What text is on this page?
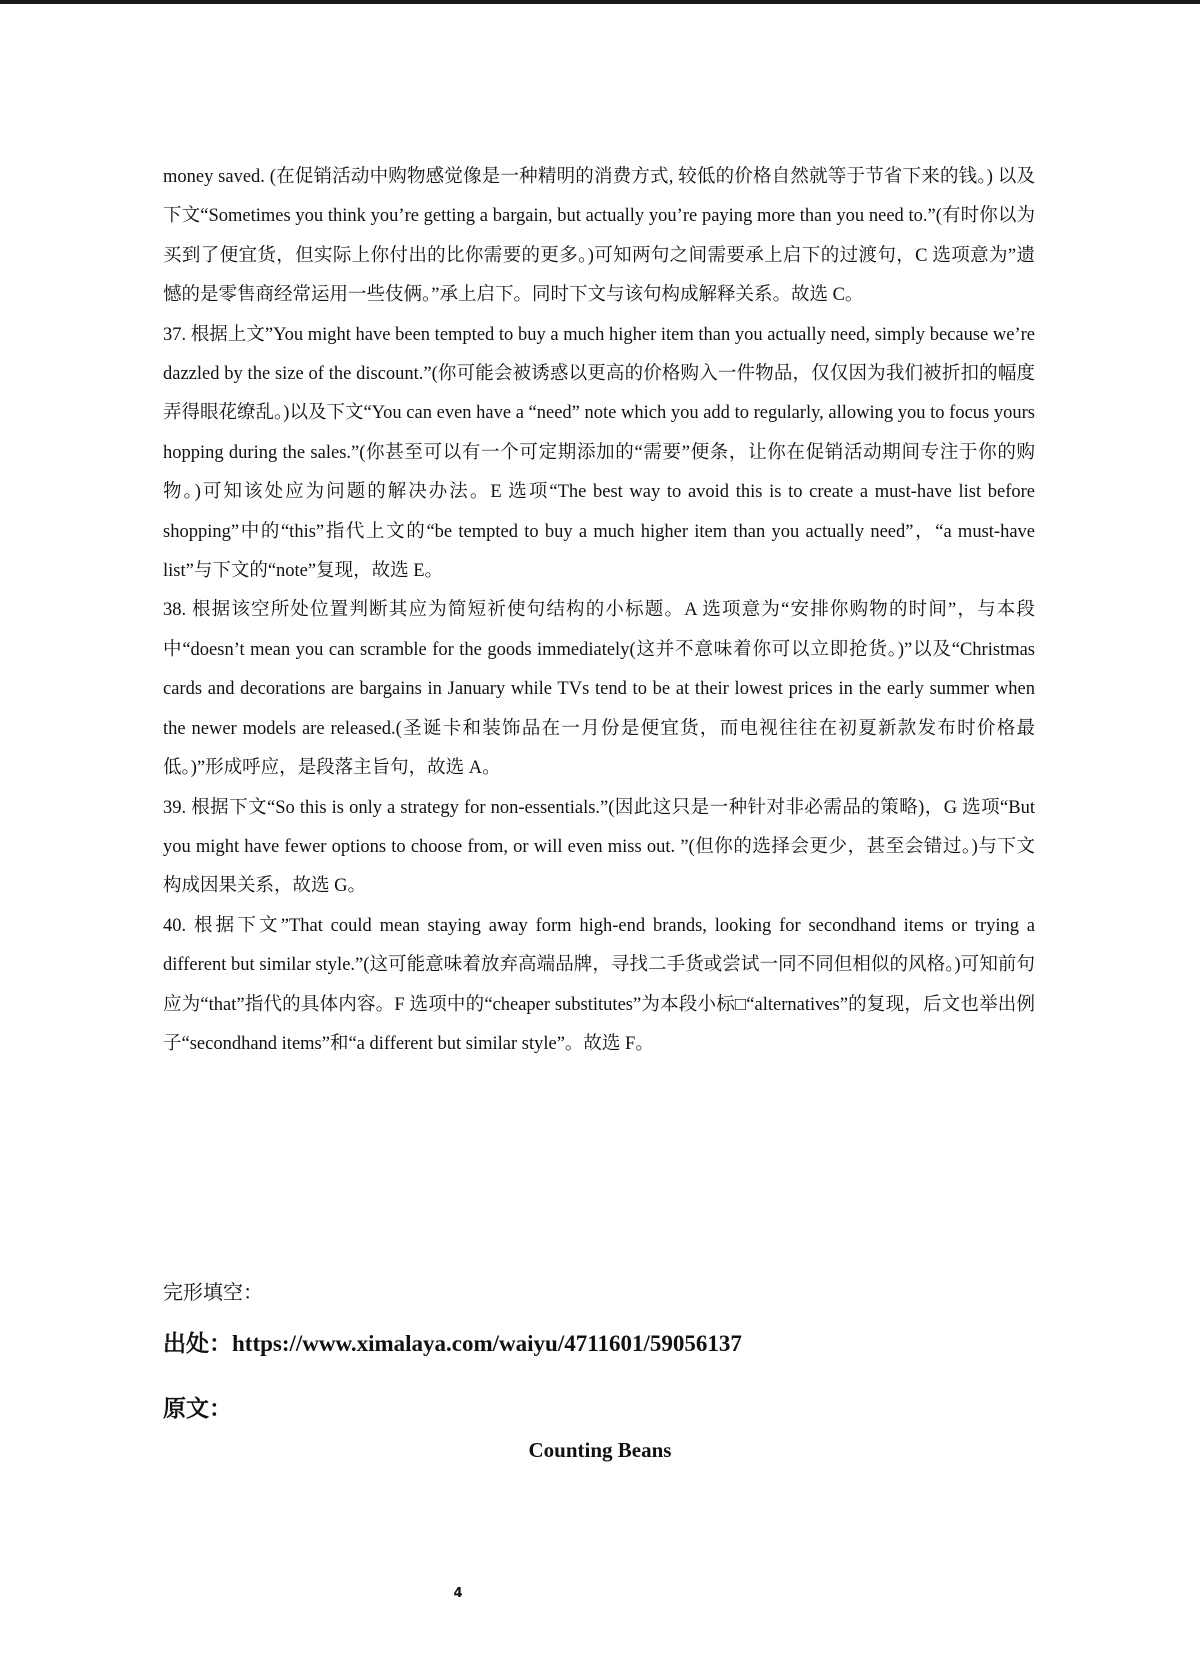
money saved. (在促销活动中购物感觉像是一种精明的消费方式, 较低的价格自然就等于节省下来的钱。) 以及下文“Sometimes you think you’re getting a bargain, but actually you’re paying more than you need to.”(有时你以为买到了便宜货，但实际上你付出的比你需要的更多。)可知两句之间需要承上启下的过渡句，C 选项意为”遗憾的是零售商经常运用一些伎俩。”承上启下。同时下文与该句构成解释关系。故选 C。

37. 根据上文”You might have been tempted to buy a much higher item than you actually need, simply because we’re dazzled by the size of the discount.”(你可能会被诱惑以更高的价格购入一件物品，仅仅因为我们被折扣的幅度弄得眼花缭乱。)以及下文“You can even have a “need” note which you add to regularly, allowing you to focus yours hopping during the sales.”(你甚至可以有一个可定期添加的“需要”便条，让你在促销活动期间专注于你的购物。)可知该处应为问题的解决办法。E 选项“The best way to avoid this is to create a must-have list before shopping”中的“this”指代上文的“be tempted to buy a much higher item than you actually need”，“a must-have list”与下文的“note”复现，故选 E。

38. 根据该空所处位置判断其应为简短祈使句结构的小标题。A 选项意为“安排你购物的时间”，与本段中“doesn’t mean you can scramble for the goods immediately(这并不意味着你可以立即抢货。)”以及“Christmas cards and decorations are bargains in January while TVs tend to be at their lowest prices in the early summer when the newer models are released.(圣诞卡和装饰品在一月份是便宜货，而电视往往在初夏新款发布时价格最低。)”形成呼应，是段落主旨句，故选 A。

39. 根据下文“So this is only a strategy for non-essentials.”(因此这只是一种针对非必需品的策略)，G 选项“But you might have fewer options to choose from, or will even miss out. ”(但你的选择会更少，甚至会错过。)与下文构成因果关系，故选 G。

40. 根据下文”That could mean staying away form high-end brands, looking for secondhand items or trying a different but similar style.”(这可能意味着放弃高端品牌，寻找二手货或尝试一同不同但相似的风格。)可知前句应为“that”指代的具体内容。F 选项中的“cheaper substitutes”为本段小标□“alternatives”的复现，后文也举出例子“secondhand items”和“a different but similar style”。故选 F。

完形填空：

出处：https://www.ximalaya.com/waiyu/4711601/59056137

原文：

Counting Beans

4
